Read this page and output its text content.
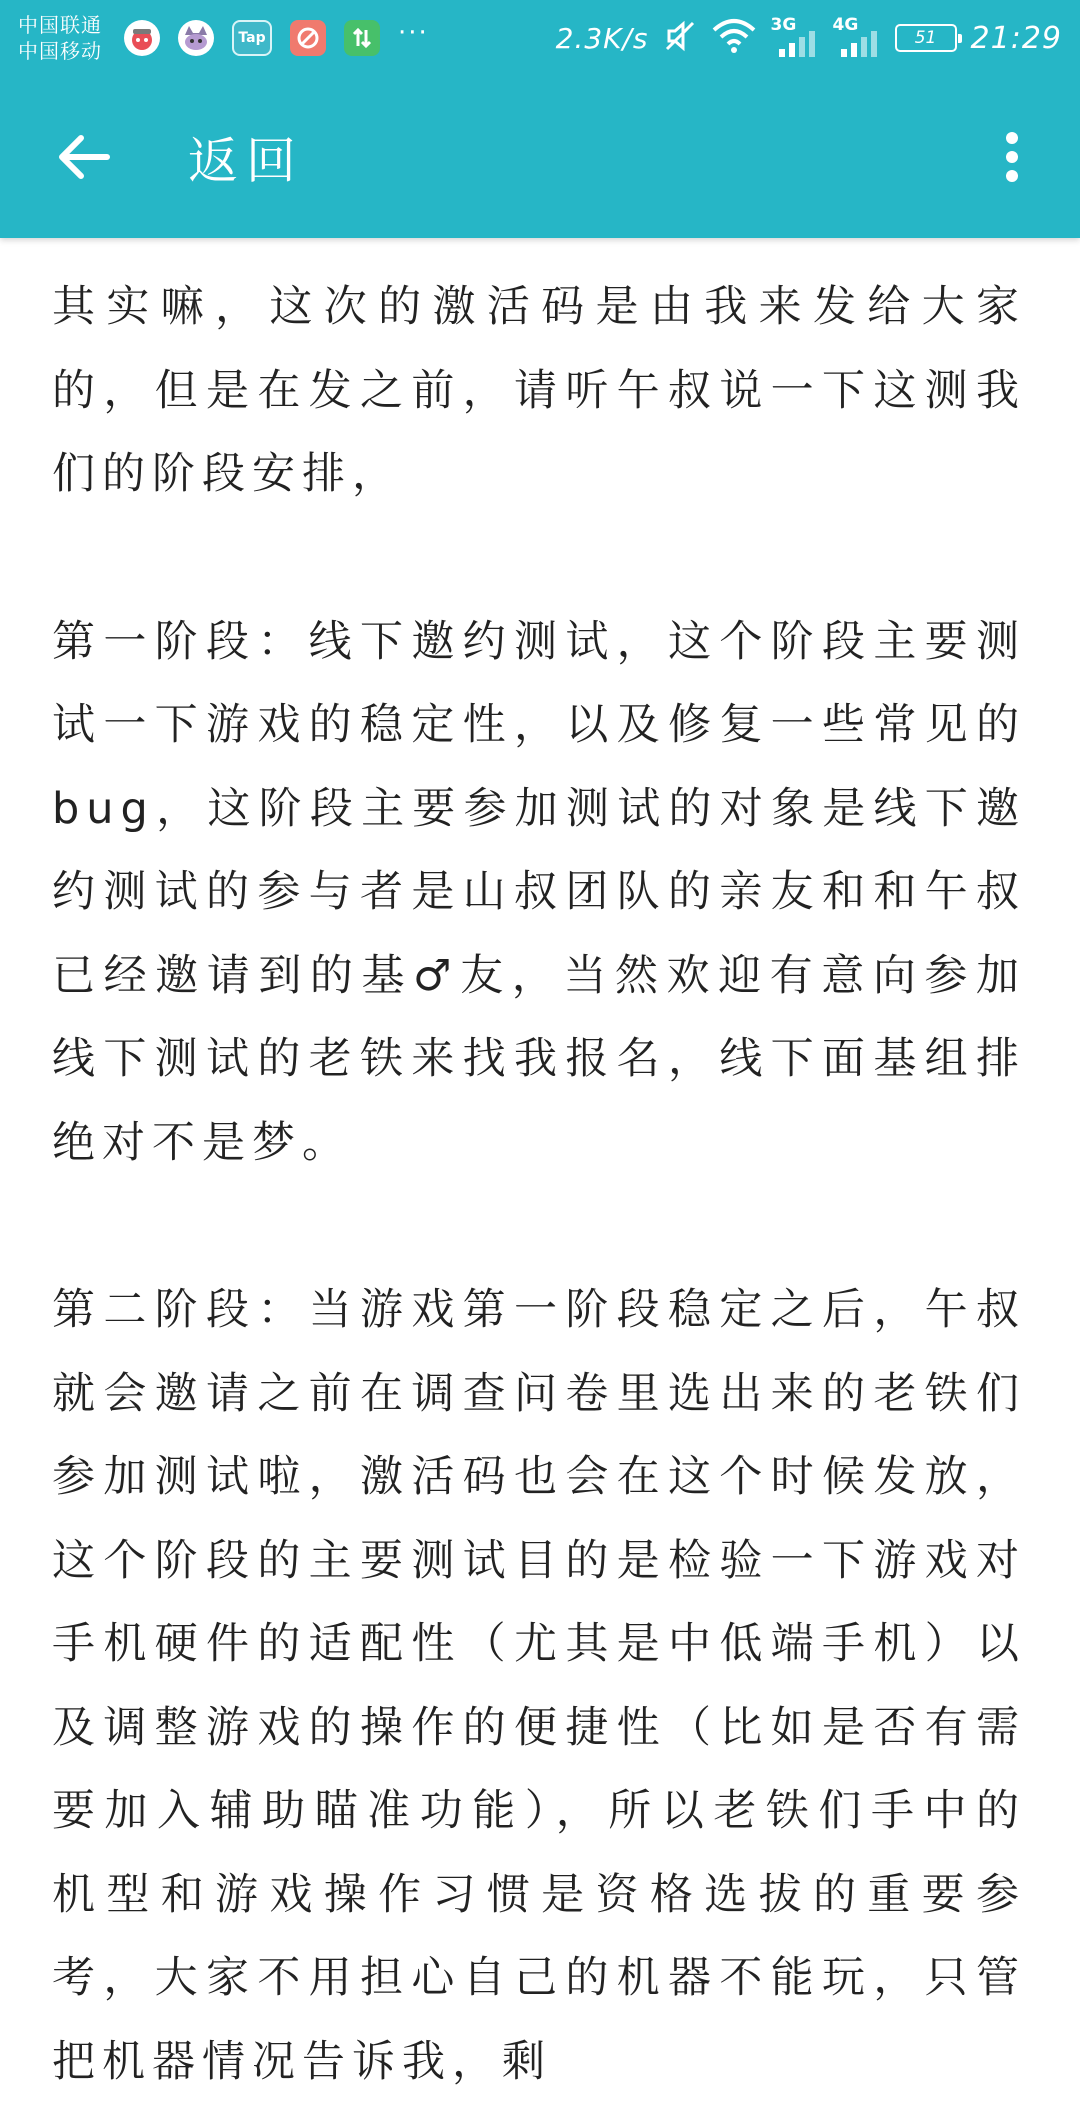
中国联通
中国移动
Tap	···	2.3K/s	3G 4G
51 21:29
返回

其实嘛，这次的激活码是由我来发给大家的，但是在发之前，请听午叔说一下这测我们的阶段安排，

第一阶段：线下邀约测试，这个阶段主要测试一下游戏的稳定性，以及修复一些常见的bug，这阶段主要参加测试的对象是线下邀约测试的参与者是山叔团队的亲友和和午叔已经邀请到的基♂友，当然欢迎有意向参加线下测试的老铁来找我报名，线下面基组排绝对不是梦。

第二阶段：当游戏第一阶段稳定之后，午叔就会邀请之前在调查问卷里选出来的老铁们参加测试啦，激活码也会在这个时候发放，这个阶段的主要测试目的是检验一下游戏对手机硬件的适配性（尤其是中低端手机）以及调整游戏的操作的便捷性（比如是否有需要加入辅助瞄准功能），所以老铁们手中的机型和游戏操作习惯是资格选拔的重要参考，大家不用担心自己的机器不能玩，只管把机器情况告诉我，剩
